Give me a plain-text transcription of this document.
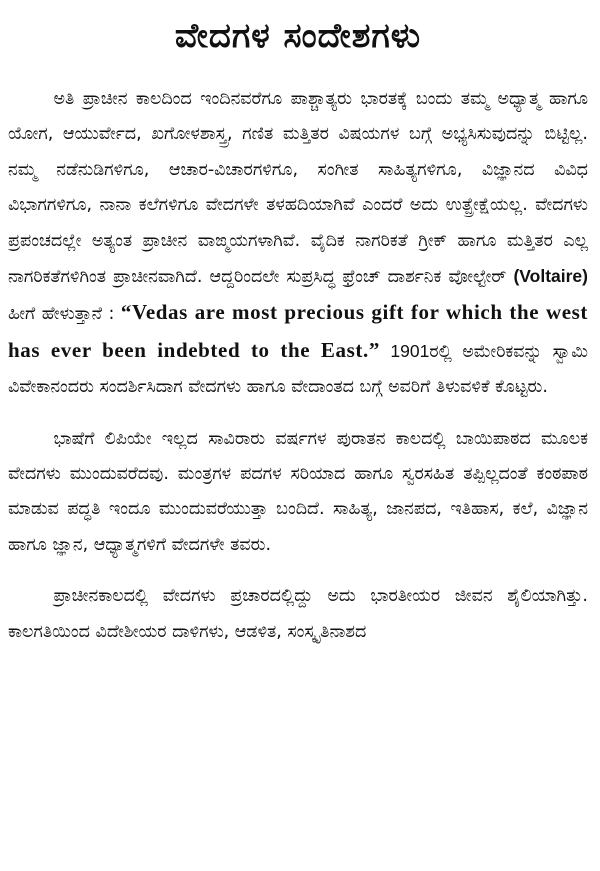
ವೇದಗಳ ಸಂದೇಶಗಳು

ಅತಿ ಪ್ರಾಚೀನ ಕಾಲದಿಂದ ಇಂದಿನವರೆಗೂ ಪಾಶ್ಚಾತ್ಯರು ಭಾರತಕ್ಕೆ ಬಂದು ತಮ್ಮ ಅಧ್ಯಾತ್ಮ ಹಾಗೂ ಯೋಗ, ಆಯುರ್ವೇದ, ಖಗೋಳಶಾಸ್ತ್ರ, ಗಣಿತ ಮತ್ತಿತರ ವಿಷಯಗಳ ಬಗ್ಗೆ ಅಭ್ಯಸಿಸುವುದನ್ನು ಬಿಟ್ಟಿಲ್ಲ. ನಮ್ಮ ನಡೆನುಡಿಗಳಿಗೂ, ಆಚಾರ-ವಿಚಾರಗಳಿಗೂ, ಸಂಗೀತ ಸಾಹಿತ್ಯಗಳಿಗೂ, ವಿಜ್ಞಾನದ ವಿವಿಧ ವಿಭಾಗಗಳಿಗೂ, ನಾನಾ ಕಲೆಗಳಿಗೂ ವೇದಗಳೇ ತಳಹದಿಯಾಗಿವೆ ಎಂದರೆ ಅದು ಉತ್ಪ್ರೇಕ್ಷೆಯಲ್ಲ. ವೇದಗಳು ಪ್ರಪಂಚದಲ್ಲೇ ಅತ್ಯಂತ ಪ್ರಾಚೀನ ವಾಙ್ಮಯಗಳಾಗಿವೆ. ವೈದಿಕ ನಾಗರಿಕತೆ ಗ್ರೀಕ್ ಹಾಗೂ ಮತ್ತಿತರ ಎಲ್ಲ ನಾಗರಿಕತೆಗಳಿಗಿಂತ ಪ್ರಾಚೀನವಾಗಿದೆ. ಆದ್ದರಿಂದಲೇ ಸುಪ್ರಸಿದ್ಧ ಫ್ರೆಂಚ್ ದಾರ್ಶನಿಕ ವೋಲ್ಟೇರ್ (Voltaire) ಹೀಗೆ ಹೇಳುತ್ತಾನೆ : “Vedas are most precious gift for which the west has ever been indebted to the East.” 1901ರಲ್ಲಿ ಅಮೇರಿಕವನ್ನು ಸ್ವಾಮಿ ವಿವೇಕಾನಂದರು ಸಂದರ್ಶಿಸಿದಾಗ ವೇದಗಳು ಹಾಗೂ ವೇದಾಂತದ ಬಗ್ಗೆ ಅವರಿಗೆ ತಿಳುವಳಿಕೆ ಕೊಟ್ಟರು.

ಭಾಷೆಗೆ ಲಿಪಿಯೇ ಇಲ್ಲದ ಸಾವಿರಾರು ವರ್ಷಗಳ ಪುರಾತನ ಕಾಲದಲ್ಲಿ ಬಾಯಿಪಾಠದ ಮೂಲಕ ವೇದಗಳು ಮುಂದುವರೆದವು. ಮಂತ್ರಗಳ ಪದಗಳ ಸರಿಯಾದ ಹಾಗೂ ಸ್ವರಸಹಿತ ತಪ್ಪಿಲ್ಲದಂತೆ ಕಂಠಪಾಠ ಮಾಡುವ ಪದ್ಧತಿ ಇಂದೂ ಮುಂದುವರೆಯುತ್ತಾ ಬಂದಿದೆ. ಸಾಹಿತ್ಯ, ಜಾನಪದ, ಇತಿಹಾಸ, ಕಲೆ, ವಿಜ್ಞಾನ ಹಾಗೂ ಜ್ಞಾನ, ಆಧ್ಯಾತ್ಮಗಳಿಗೆ ವೇದಗಳೇ ತವರು.

ಪ್ರಾಚೀನಕಾಲದಲ್ಲಿ ವೇದಗಳು ಪ್ರಚಾರದಲ್ಲಿದ್ದು ಅದು ಭಾರತೀಯರ ಜೀವನ ಶೈಲಿಯಾಗಿತ್ತು. ಕಾಲಗತಿಯಿಂದ ವಿದೇಶೀಯರ ದಾಳಿಗಳು, ಆಡಳಿತ, ಸಂಸ್ಕೃತಿನಾಶದ
